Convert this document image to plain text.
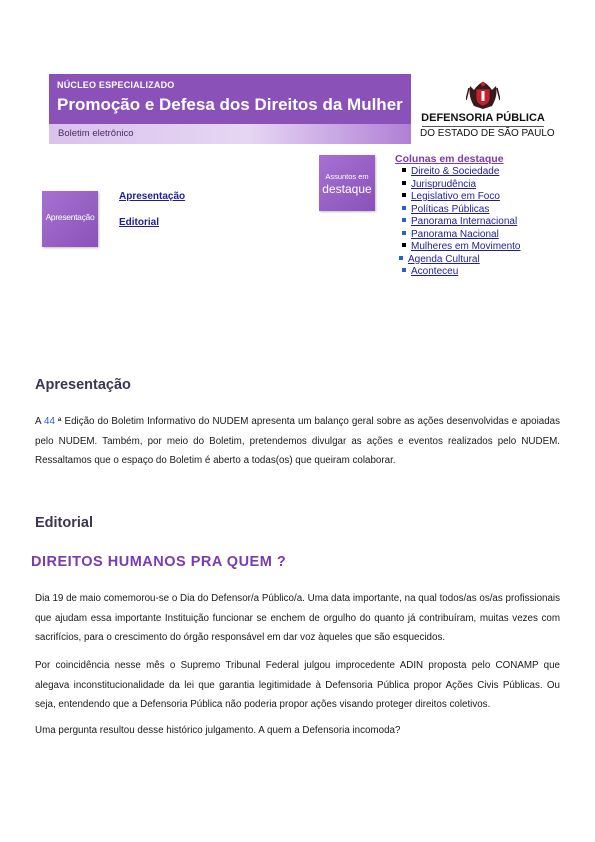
NÚCLEO ESPECIALIZADO
Promoção e Defesa dos Direitos da Mulher
Boletim eletrônico
DEFENSORIA PÚBLICA
DO ESTADO DE SÃO PAULO
Apresentação
Assuntos em
destaque
Apresentação
Editorial
Colunas em destaque
Direito & Sociedade
Jurisprudência
Legislativo em Foco
Políticas Públicas
Panorama Internacional
Panorama Nacional
Mulheres em Movimento
Agenda Cultural
Aconteceu
Apresentação

A 44 ª Edição do Boletim Informativo do NUDEM apresenta um balanço geral sobre as ações desenvolvidas e apoiadas pelo NUDEM. Também, por meio do Boletim, pretendemos divulgar as ações e eventos realizados pelo NUDEM. Ressaltamos que o espaço do Boletim é aberto a todas(os) que queiram colaborar.

Editorial
DIREITOS HUMANOS PRA QUEM ?

Dia 19 de maio comemorou-se o Dia do Defensor/a Público/a. Uma data importante, na qual todos/as os/as profissionais que ajudam essa importante Instituição funcionar se enchem de orgulho do quanto já contribuíram, muitas vezes com sacrifícios, para o crescimento do órgão responsável em dar voz àqueles que são esquecidos.

Por coincidência nesse mês o Supremo Tribunal Federal julgou improcedente ADIN proposta pelo CONAMP que alegava inconstitucionalidade da lei que garantia legitimidade à Defensoria Pública propor Ações Civis Públicas. Ou seja, entendendo que a Defensoria Pública não poderia propor ações visando proteger direitos coletivos.

Uma pergunta resultou desse histórico julgamento. A quem a Defensoria incomoda?
